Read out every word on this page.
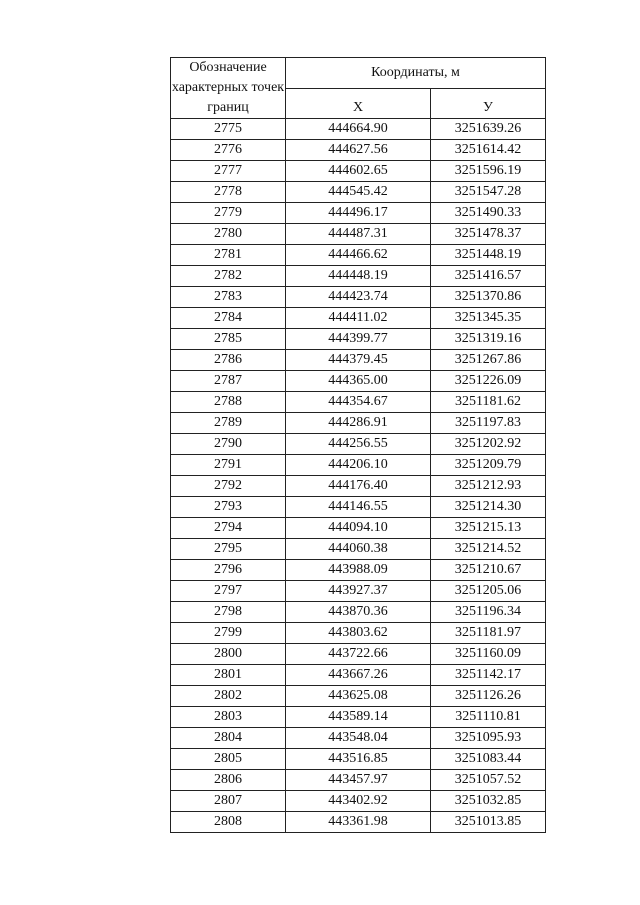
Обозначение характерных точек границ	Координаты, м	
	X	У
2775	444664.90	3251639.26
2776	444627.56	3251614.42
2777	444602.65	3251596.19
2778	444545.42	3251547.28
2779	444496.17	3251490.33
2780	444487.31	3251478.37
2781	444466.62	3251448.19
2782	444448.19	3251416.57
2783	444423.74	3251370.86
2784	444411.02	3251345.35
2785	444399.77	3251319.16
2786	444379.45	3251267.86
2787	444365.00	3251226.09
2788	444354.67	3251181.62
2789	444286.91	3251197.83
2790	444256.55	3251202.92
2791	444206.10	3251209.79
2792	444176.40	3251212.93
2793	444146.55	3251214.30
2794	444094.10	3251215.13
2795	444060.38	3251214.52
2796	443988.09	3251210.67
2797	443927.37	3251205.06
2798	443870.36	3251196.34
2799	443803.62	3251181.97
2800	443722.66	3251160.09
2801	443667.26	3251142.17
2802	443625.08	3251126.26
2803	443589.14	3251110.81
2804	443548.04	3251095.93
2805	443516.85	3251083.44
2806	443457.97	3251057.52
2807	443402.92	3251032.85
2808	443361.98	3251013.85
